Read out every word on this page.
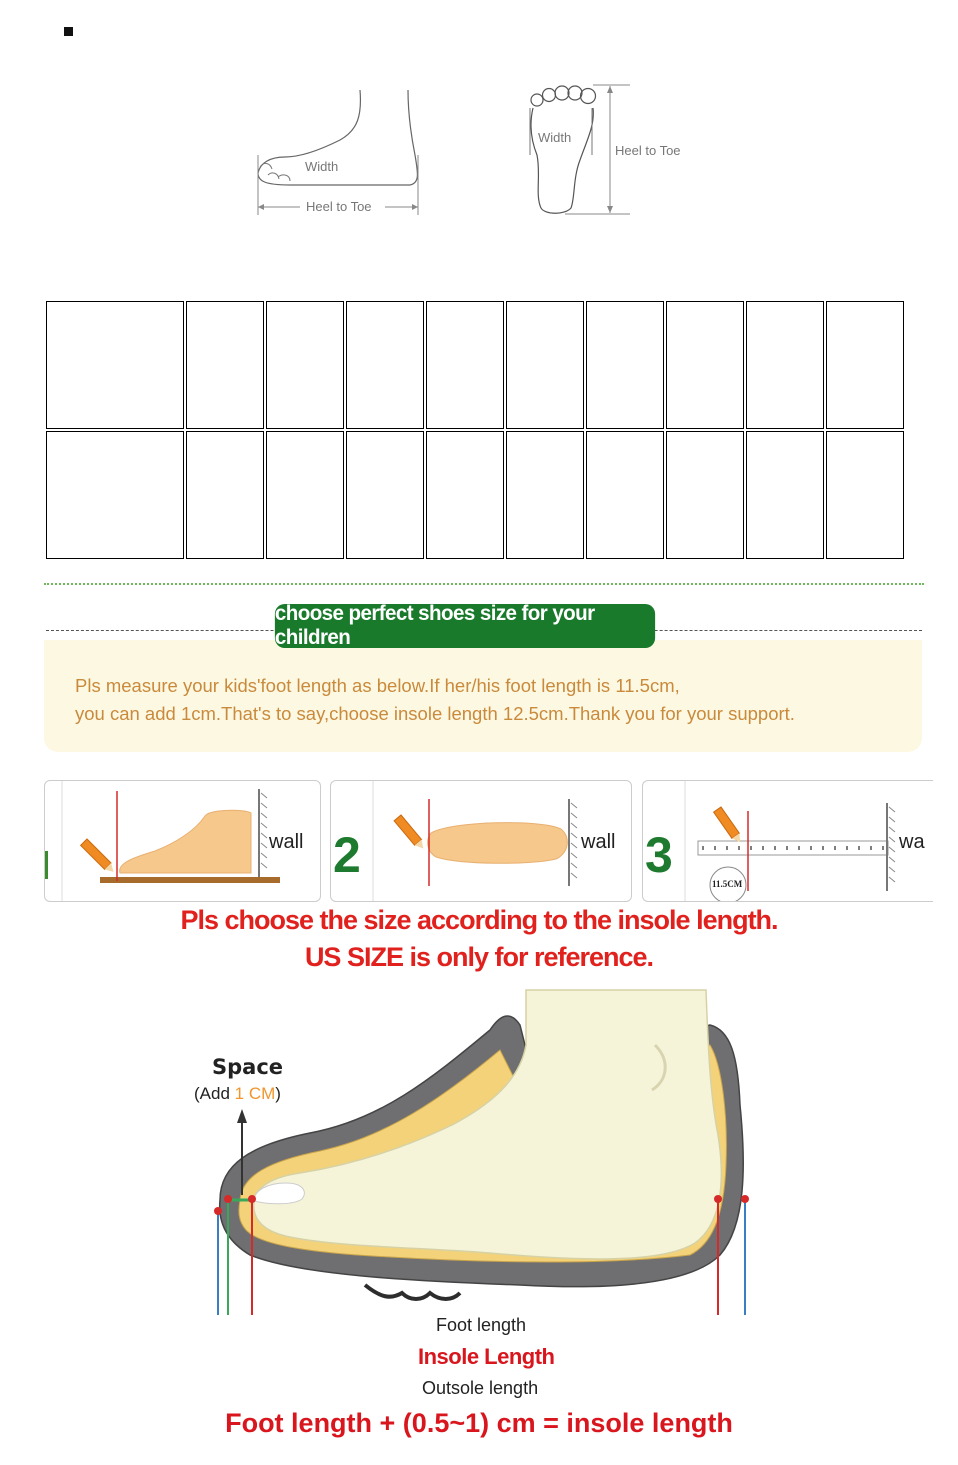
Width
Heel to Toe
Width
Heel to Toe

choose perfect shoes size for your children
Pls measure your kids'foot length as below.If her/his foot length is 11.5cm,
you can add 1cm.That's to say,choose insole length 12.5cm.Thank you for your support.
wall 2	wall 3
11.5CM
wa
Pls choose the size according to the insole length.
US SIZE is only for reference.
Space
(Add 1 CM)
Foot length
Insole Length
Outsole length
Foot length + (0.5~1) cm = insole length
